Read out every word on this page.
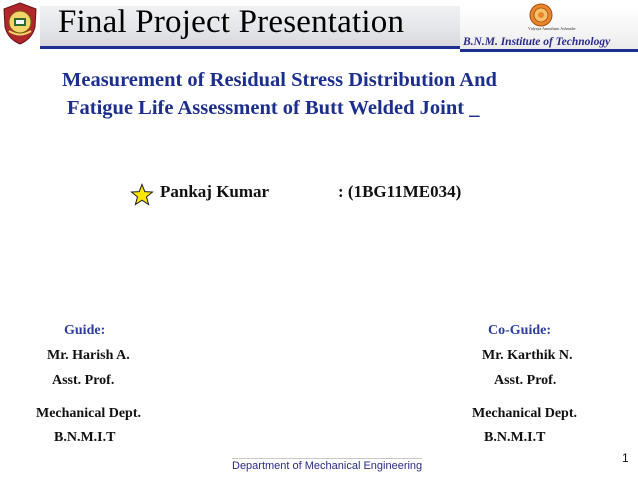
Final Project Presentation	Vidyaya Amrutham Ashnuthe
B.N.M. Institute of Technology
Measurement of Residual Stress Distribution And
Fatigue Life Assessment of Butt Welded Joint _
Pankaj Kumar	: (1BG11ME034)
Guide:
Mr. Harish A.
Asst. Prof.
Mechanical Dept.
B.N.M.I.T
Co-Guide:
Mr. Karthik N.
Asst. Prof.
Mechanical Dept.
B.N.M.I.T
Department of Mechanical Engineering
1
